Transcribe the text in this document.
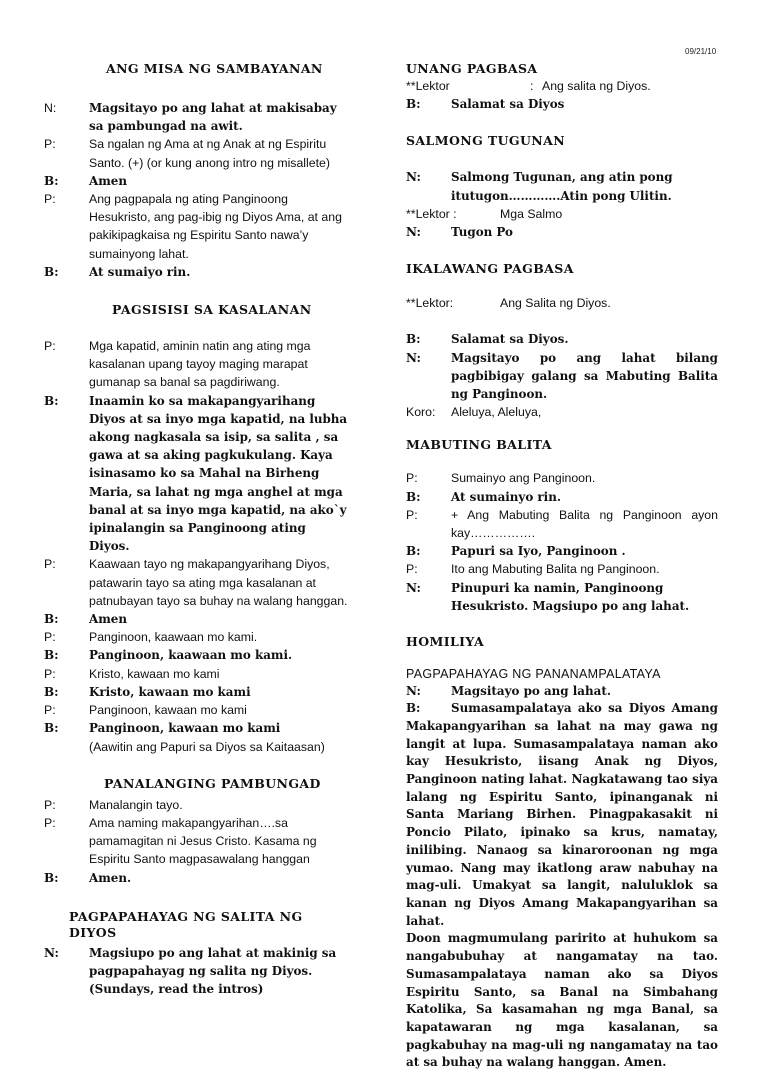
09/21/10
ANG MISA NG SAMBAYANAN
N:	Magsitayo po ang lahat at makisabay sa pambungad na awit.
P:	Sa ngalan ng Ama at ng Anak at ng Espiritu Santo. (+) (or kung anong intro ng misallete)
B:	Amen
P:	Ang pagpapala ng ating Panginoong Hesukristo, ang pag-ibig ng Diyos Ama, at ang pakikipagkaisa ng Espiritu Santo nawa’y sumainyong lahat.
B:	At sumaiyo rin.
PAGSISISI SA KASALANAN
P:	Mga kapatid, aminin natin ang ating mga kasalanan upang tayoy maging marapat gumanap sa banal sa pagdiriwang.
B:	Inaamin ko sa makapangyarihang Diyos at sa inyo mga kapatid, na lubha akong nagkasala sa isip, sa salita , sa gawa at sa aking pagkukulang. Kaya isinasamo ko sa Mahal na Birheng Maria, sa lahat ng mga anghel at mga banal at sa inyo mga kapatid, na ako`y ipinalangin sa Panginoong ating Diyos.
P:	Kaawaan tayo ng makapangyarihang Diyos, patawarin tayo sa ating mga kasalanan at patnubayan tayo sa buhay na walang hanggan.
B:	Amen
P:	Panginoon, kaawaan mo kami.
B:	Panginoon, kaawaan mo kami.
P:	Kristo, kawaan mo kami
B:	Kristo, kawaan mo kami
P:	Panginoon, kawaan mo kami
B:	Panginoon, kawaan mo kami
(Aawitin ang Papuri sa Diyos sa Kaitaasan)
PANALANGING PAMBUNGAD
P:	Manalangin tayo.
P:	Ama naming makapangyarihan….sa pamamagitan ni Jesus Cristo. Kasama ng Espiritu Santo magpasawalang hanggan
B:	Amen.
PAGPAPAHAYAG NG SALITA NG DIYOS
N:	Magsiupo po ang lahat at makinig sa pagpapahayag ng salita ng Diyos. (Sundays, read the intros)
UNANG PAGBASA
**Lektor	: Ang salita ng Diyos.
B:	Salamat sa Diyos
SALMONG TUGUNAN
N:	Salmong Tugunan, ang atin pong itutugon………….Atin pong Ulitin.
**Lektor :	Mga Salmo
N:	Tugon Po
IKALAWANG PAGBASA
**Lektor:	Ang Salita ng Diyos.
B:	Salamat sa Diyos.
N:	Magsitayo po ang lahat bilang pagbibigay galang sa Mabuting Balita ng Panginoon.
Koro:	Aleluya, Aleluya,
MABUTING BALITA
P:	Sumainyo ang Panginoon.
B:	At sumainyo rin.
P:	+ Ang Mabuting Balita ng Panginoon ayon kay…………….
B:	Papuri sa Iyo, Panginoon .
P:	Ito ang Mabuting Balita ng Panginoon.
N:	Pinupuri ka namin, Panginoong Hesukristo. Magsiupo po ang lahat.
HOMILIYA
PAGPAPAHAYAG NG PANANAMPALATAYA
N:	Magsitayo po ang lahat.
B:	Sumasampalataya ako sa Diyos Amang Makapangyarihan sa lahat na may gawa ng langit at lupa. Sumasampalataya naman ako kay Hesukristo, iisang Anak ng Diyos, Panginoon nating lahat. Nagkatawang tao siya lalang ng Espiritu Santo, ipinanganak ni Santa Mariang Birhen. Pinagpakasakit ni Poncio Pilato, ipinako sa krus, namatay, inilibing. Nanaog sa kinaroroonan ng mga yumao. Nang may ikatlong araw nabuhay na mag-uli. Umakyat sa langit, naluluklok sa kanan ng Diyos Amang Makapangyarihan sa lahat.
Doon magmumulang paririto at huhukom sa nangabubuhay at nangamatay na tao. Sumasampalataya naman ako sa Diyos Espiritu Santo, sa Banal na Simbahang Katolika, Sa kasamahan ng mga Banal, sa kapatawaran ng mga kasalanan, sa pagkabuhay na mag-uli ng nangamatay na tao at sa buhay na walang hanggan. Amen.
